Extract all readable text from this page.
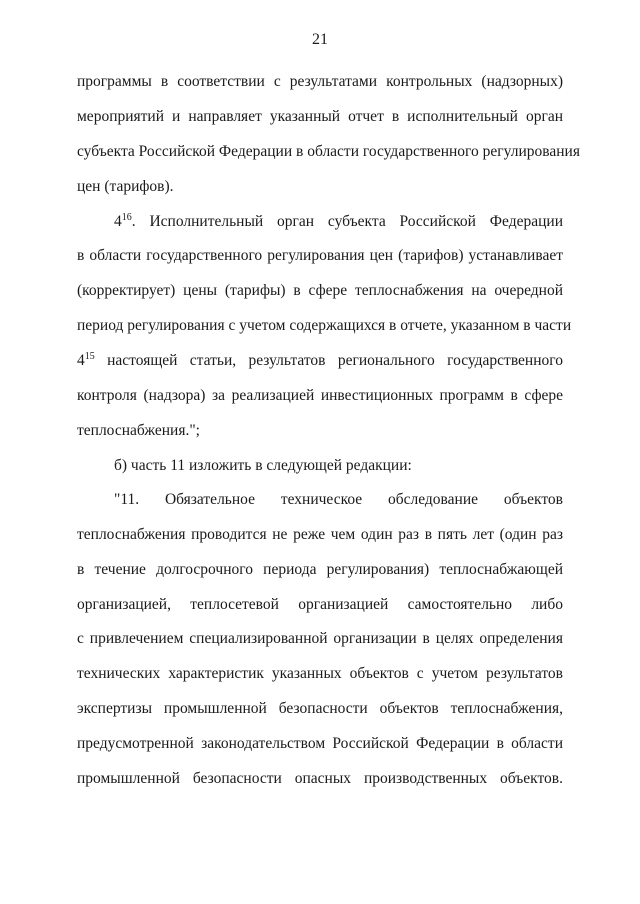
21
программы в соответствии с результатами контрольных (надзорных)
мероприятий и направляет указанный отчет в исполнительный орган
субъекта Российской Федерации в области государственного регулирования
цен (тарифов).
$4^{16}$. Исполнительный орган субъекта Российской Федерации
в области государственного регулирования цен (тарифов) устанавливает
(корректирует) цены (тарифы) в сфере теплоснабжения на очередной
период регулирования с учетом содержащихся в отчете, указанном в части
$4^{15}$ настоящей статьи, результатов регионального государственного
контроля (надзора) за реализацией инвестиционных программ в сфере
теплоснабжения.";
б) часть 11 изложить в следующей редакции:
"11. Обязательное техническое обследование объектов
теплоснабжения проводится не реже чем один раз в пять лет (один раз
в течение долгосрочного периода регулирования) теплоснабжающей
организацией, теплосетевой организацией самостоятельно либо
с привлечением специализированной организации в целях определения
технических характеристик указанных объектов с учетом результатов
экспертизы промышленной безопасности объектов теплоснабжения,
предусмотренной законодательством Российской Федерации в области
промышленной безопасности опасных производственных объектов.
